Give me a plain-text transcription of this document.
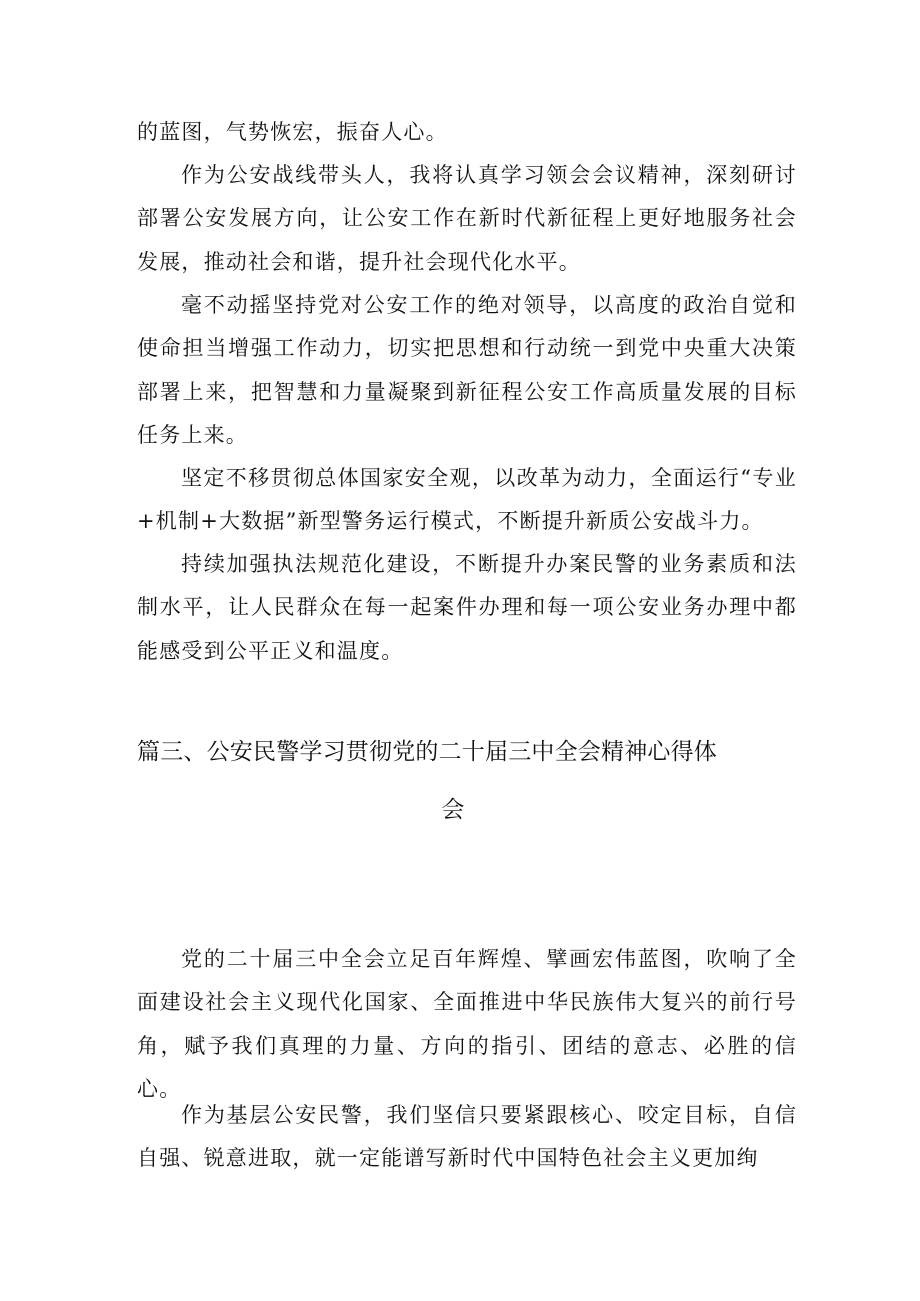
的蓝图，气势恢宏，振奋人心。

作为公安战线带头人，我将认真学习领会会议精神，深刻研讨部署公安发展方向，让公安工作在新时代新征程上更好地服务社会发展，推动社会和谐，提升社会现代化水平。

毫不动摇坚持党对公安工作的绝对领导，以高度的政治自觉和使命担当增强工作动力，切实把思想和行动统一到党中央重大决策部署上来，把智慧和力量凝聚到新征程公安工作高质量发展的目标任务上来。

坚定不移贯彻总体国家安全观，以改革为动力，全面运行“专业+机制+大数据”新型警务运行模式，不断提升新质公安战斗力。

持续加强执法规范化建设，不断提升办案民警的业务素质和法制水平，让人民群众在每一起案件办理和每一项公安业务办理中都能感受到公平正义和温度。

篇三、公安民警学习贯彻党的二十届三中全会精神心得体
会

党的二十届三中全会立足百年辉煌、擘画宏伟蓝图，吹响了全面建设社会主义现代化国家、全面推进中华民族伟大复兴的前行号角，赋予我们真理的力量、方向的指引、团结的意志、必胜的信心。

作为基层公安民警，我们坚信只要紧跟核心、咬定目标，自信自强、锐意进取，就一定能谱写新时代中国特色社会主义更加绚
